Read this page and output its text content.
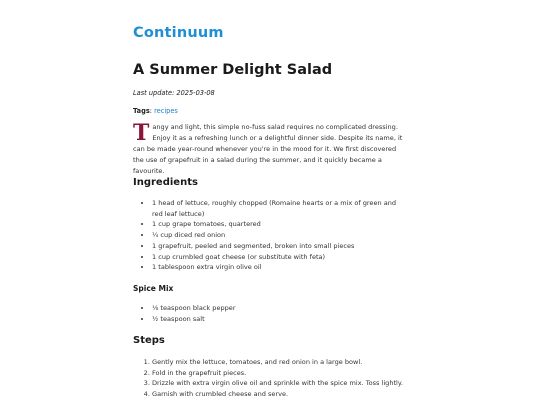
Continuum
A Summer Delight Salad
Last update: 2025-03-08
Tags: recipes

Tangy and light, this simple no-fuss salad requires no complicated dressing. Enjoy it as a refreshing lunch or a delightful dinner side. Despite its name, it can be made year-round whenever you're in the mood for it. We first discovered the use of grapefruit in a salad during the summer, and it quickly became a favourite.

Ingredients
• 1 head of lettuce, roughly chopped (Romaine hearts or a mix of green and red leaf lettuce)
• 1 cup grape tomatoes, quartered
• ¼ cup diced red onion
• 1 grapefruit, peeled and segmented, broken into small pieces
• 1 cup crumbled goat cheese (or substitute with feta)
• 1 tablespoon extra virgin olive oil
Spice Mix
• ⅛ teaspoon black pepper
• ½ teaspoon salt
Steps
1. Gently mix the lettuce, tomatoes, and red onion in a large bowl.
2. Fold in the grapefruit pieces.
3. Drizzle with extra virgin olive oil and sprinkle with the spice mix. Toss lightly.
4. Garnish with crumbled cheese and serve.
